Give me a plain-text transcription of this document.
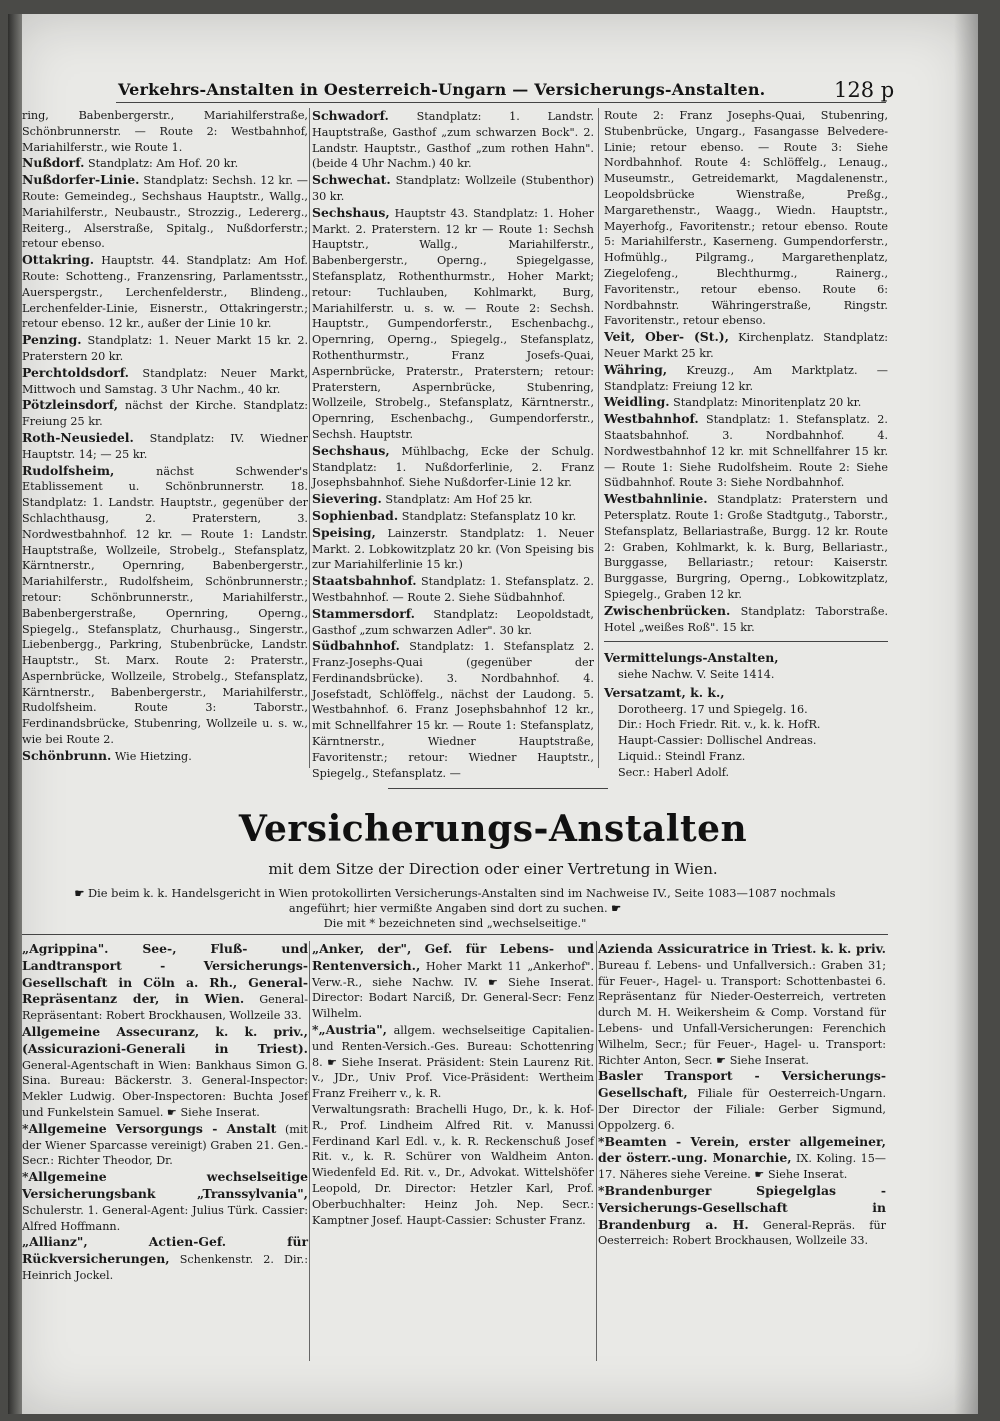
Verkehrs-Anstalten in Oesterreich-Ungarn — Versicherungs-Anstalten.	128 p

ring, Babenbergerstr., Mariahilferstraße, Schönbrunnerstr. — Route 2: Westbahnhof, Mariahilferstr., wie Route 1.

Nußdorf. Standplatz: Am Hof. 20 kr.

Nußdorfer-Linie. Standplatz: Sechsh. 12 kr. — Route: Gemeindeg., Sechshaus Hauptstr., Wallg., Mariahilferstr., Neubaustr., Strozzig., Ledererg., Reiterg., Alserstraße, Spitalg., Nußdorferstr.; retour ebenso.

Ottakring. Hauptstr. 44. Standplatz: Am Hof. Route: Schotteng., Franzensring, Parlamentsstr., Auerspergstr., Lerchenfelderstr., Blindeng., Lerchenfelder-Linie, Eisnerstr., Ottakringerstr.; retour ebenso. 12 kr., außer der Linie 10 kr.

Penzing. Standplatz: 1. Neuer Markt 15 kr. 2. Praterstern 20 kr.

Perchtoldsdorf. Standplatz: Neuer Markt, Mittwoch und Samstag. 3 Uhr Nachm., 40 kr.

Pötzleinsdorf, nächst der Kirche. Standplatz: Freiung 25 kr.

Roth-Neusiedel. Standplatz: IV. Wiedner Hauptstr. 14; — 25 kr.

Rudolfsheim,	nächst Schwender's Etablissement u. Schönbrunnerstr. 18. Standplatz: 1. Landstr. Hauptstr., gegenüber der Schlachthausg, 2. Praterstern, 3. Nordwestbahnhof. 12 kr. — Route 1: Landstr. Hauptstraße, Wollzeile, Strobelg., Stefansplatz, Kärntnerstr., Opernring, Babenbergerstr., Mariahilferstr., Rudolfsheim, Schönbrunnerstr.; retour: Schönbrunnerstr., Mariahilferstr., Babenbergerstraße, Opernring, Operng., Spiegelg., Stefansplatz, Churhausg., Singerstr., Liebenbergg., Parkring, Stubenbrücke, Landstr. Hauptstr., St. Marx. Route 2: Praterstr., Aspernbrücke, Wollzeile, Strobelg., Stefansplatz, Kärntnerstr., Babenbergerstr., Mariahilferstr., Rudolfsheim. Route 3: Taborstr., Ferdinandsbrücke, Stubenring, Wollzeile u. s. w., wie bei Route 2.

Schönbrunn. Wie Hietzing.

Schwadorf. Standplatz: 1. Landstr. Hauptstraße, Gasthof „zum schwarzen Bock". 2. Landstr. Hauptstr., Gasthof „zum rothen Hahn". (beide 4 Uhr Nachm.) 40 kr.

Schwechat. Standplatz: Wollzeile (Stubenthor) 30 kr.

Sechshaus, Hauptstr 43. Standplatz: 1. Hoher Markt. 2. Praterstern. 12 kr — Route 1: Sechsh Hauptstr., Wallg., Mariahilferstr., Babenbergerstr., Operng., Spiegelgasse, Stefansplatz, Rothenthurmstr., Hoher Markt; retour: Tuchlauben, Kohlmarkt, Burg, Mariahilferstr. u. s. w. — Route 2: Sechsh. Hauptstr., Gumpendorferstr., Eschenbachg., Opernring, Operng., Spiegelg., Stefansplatz, Rothenthurmstr., Franz Josefs-Quai, Aspernbrücke, Praterstr., Praterstern; retour: Praterstern, Aspernbrücke, Stubenring, Wollzeile, Strobelg., Stefansplatz, Kärntnerstr., Opernring, Eschenbachg., Gumpendorferstr., Sechsh. Hauptstr.

Sechshaus, Mühlbachg, Ecke der Schulg. Standplatz: 1. Nußdorferlinie, 2. Franz Josephsbahnhof. Siehe Nußdorfer-Linie 12 kr.

Sievering. Standplatz: Am Hof 25 kr.

Sophienbad. Standplatz: Stefansplatz 10 kr.

Speising, Lainzerstr. Standplatz: 1. Neuer Markt. 2. Lobkowitzplatz 20 kr. (Von Speising bis zur Mariahilferlinie 15 kr.)

Staatsbahnhof. Standplatz: 1. Stefansplatz. 2. Westbahnhof. — Route 2. Siehe Südbahnhof.

Stammersdorf. Standplatz: Leopoldstadt, Gasthof „zum schwarzen Adler". 30 kr.

Südbahnhof. Standplatz: 1. Stefansplatz 2. Franz-Josephs-Quai (gegenüber der Ferdinandsbrücke). 3. Nordbahnhof. 4. Josefstadt, Schlöffelg., nächst der Laudong. 5. Westbahnhof. 6. Franz Josephsbahnhof 12 kr., mit Schnellfahrer 15 kr. — Route 1: Stefansplatz, Kärntnerstr., Wiedner Hauptstraße, Favoritenstr.; retour: Wiedner Hauptstr., Spiegelg., Stefansplatz. —

Route 2: Franz Josephs-Quai, Stubenring, Stubenbrücke, Ungarg., Fasangasse Belvedere-Linie; retour ebenso. — Route 3: Siehe Nordbahnhof. Route 4: Schlöffelg., Lenaug., Museumstr., Getreidemarkt, Magdalenenstr., Leopoldsbrücke Wienstraße, Preßg., Margarethenstr., Waagg., Wiedn. Hauptstr., Mayerhofg., Favoritenstr.; retour ebenso. Route 5: Mariahilferstr., Kaserneng. Gumpendorferstr., Hofmühlg., Pilgramg., Margarethenplatz, Ziegelofeng., Blechthurmg., Rainerg., Favoritenstr., retour ebenso. Route 6: Nordbahnstr. Währingerstraße, Ringstr. Favoritenstr., retour ebenso.

Veit, Ober- (St.), Kirchenplatz. Standplatz: Neuer Markt 25 kr.

Währing, Kreuzg., Am Marktplatz. — Standplatz: Freiung 12 kr.

Weidling. Standplatz: Minoritenplatz 20 kr.

Westbahnhof. Standplatz: 1. Stefansplatz. 2. Staatsbahnhof. 3. Nordbahnhof. 4. Nordwestbahnhof 12 kr. mit Schnellfahrer 15 kr. — Route 1: Siehe Rudolfsheim. Route 2: Siehe Südbahnhof. Route 3: Siehe Nordbahnhof.

Westbahnlinie. Standplatz: Praterstern und Petersplatz. Route 1: Große Stadtgutg., Taborstr., Stefansplatz, Bellariastraße, Burgg. 12 kr. Route 2: Graben, Kohlmarkt, k. k. Burg, Bellariastr., Burggasse, Bellariastr.; retour: Kaiserstr. Burggasse, Burgring, Operng., Lobkowitzplatz, Spiegelg., Graben 12 kr.

Zwischenbrücken. Standplatz: Taborstraße. Hotel „weißes Roß". 15 kr.

Vermittelungs-Anstalten,

siehe Nachw. V. Seite 1414.

Versatzamt, k. k.,

Dorotheerg. 17 und Spiegelg. 16.
Dir.: Hoch Friedr. Rit. v., k. k. HofR.
Haupt-Cassier: Dollischel Andreas.
Liquid.: Steindl Franz.
Secr.: Haberl Adolf.
Versicherungs-Anstalten
mit dem Sitze der Direction oder einer Vertretung in Wien.
☛ Die beim k. k. Handelsgericht in Wien protokollirten Versicherungs-Anstalten sind im Nachweise IV., Seite 1083—1087 nochmals
angeführt; hier vermißte Angaben sind dort zu suchen. ☛
Die mit * bezeichneten sind „wechselseitige."

„Agrippina". See-, Fluß- und Landtransport - Versicherungs-Gesellschaft in Cöln a. Rh., General-Repräsentanz der, in Wien. General-Repräsentant: Robert Brockhausen, Wollzeile 33.

Allgemeine Assecuranz, k. k. priv., (Assicurazioni-Generali in Triest). General-Agentschaft in Wien: Bankhaus Simon G. Sina. Bureau: Bäckerstr. 3. General-Inspector: Mekler Ludwig. Ober-Inspectoren: Buchta Josef und Funkelstein Samuel. ☛ Siehe Inserat.

*Allgemeine Versorgungs - Anstalt (mit der Wiener Sparcasse vereinigt) Graben 21. Gen.-Secr.: Richter Theodor, Dr.

*Allgemeine wechselseitige Versicherungsbank „Transsylvania", Schulerstr. 1. General-Agent: Julius Türk. Cassier: Alfred Hoffmann.

„Allianz", Actien-Gef. für Rückversicherungen, Schenkenstr. 2. Dir.: Heinrich Jockel.

„Anker, der", Gef. für Lebens- und Rentenversich., Hoher Markt 11 „Ankerhof". Verw.-R., siehe Nachw. IV. ☛ Siehe Inserat. Director: Bodart Narciß, Dr. General-Secr: Fenz Wilhelm.

*„Austria", allgem. wechselseitige Capitalien- und Renten-Versich.-Ges. Bureau: Schottenring 8. ☛ Siehe Inserat. Präsident: Stein Laurenz Rit. v., JDr., Univ Prof. Vice-Präsident: Wertheim Franz Freiherr v., k. R.

Verwaltungsrath: Brachelli Hugo, Dr., k. k. Hof-R., Prof. Lindheim Alfred Rit. v. Manussi Ferdinand Karl Edl. v., k. R. Reckenschuß Josef Rit. v., k. R. Schürer von Waldheim Anton. Wiedenfeld Ed. Rit. v., Dr., Advokat. Wittelshöfer Leopold, Dr. Director: Hetzler Karl, Prof. Oberbuchhalter: Heinz Joh. Nep. Secr.: Kamptner Josef. Haupt-Cassier: Schuster Franz.

Azienda Assicuratrice in Triest. k. k. priv. Bureau f. Lebens- und Unfallversich.: Graben 31; für Feuer-, Hagel- u. Transport: Schottenbastei 6. Repräsentanz für Nieder-Oesterreich, vertreten durch M. H. Weikersheim & Comp. Vorstand für Lebens- und Unfall-Versicherungen: Ferenchich Wilhelm, Secr.; für Feuer-, Hagel- u. Transport: Richter Anton, Secr. ☛ Siehe Inserat.

Basler Transport - Versicherungs-Gesellschaft, Filiale für Oesterreich-Ungarn. Der Director der Filiale: Gerber Sigmund, Oppolzerg. 6.

*Beamten - Verein, erster allgemeiner, der österr.-ung. Monarchie, IX. Koling. 15—17. Näheres siehe Vereine. ☛ Siehe Inserat.

*Brandenburger Spiegelglas - Versicherungs-Gesellschaft in Brandenburg a. H. General-Repräs. für Oesterreich: Robert Brockhausen, Wollzeile 33.
